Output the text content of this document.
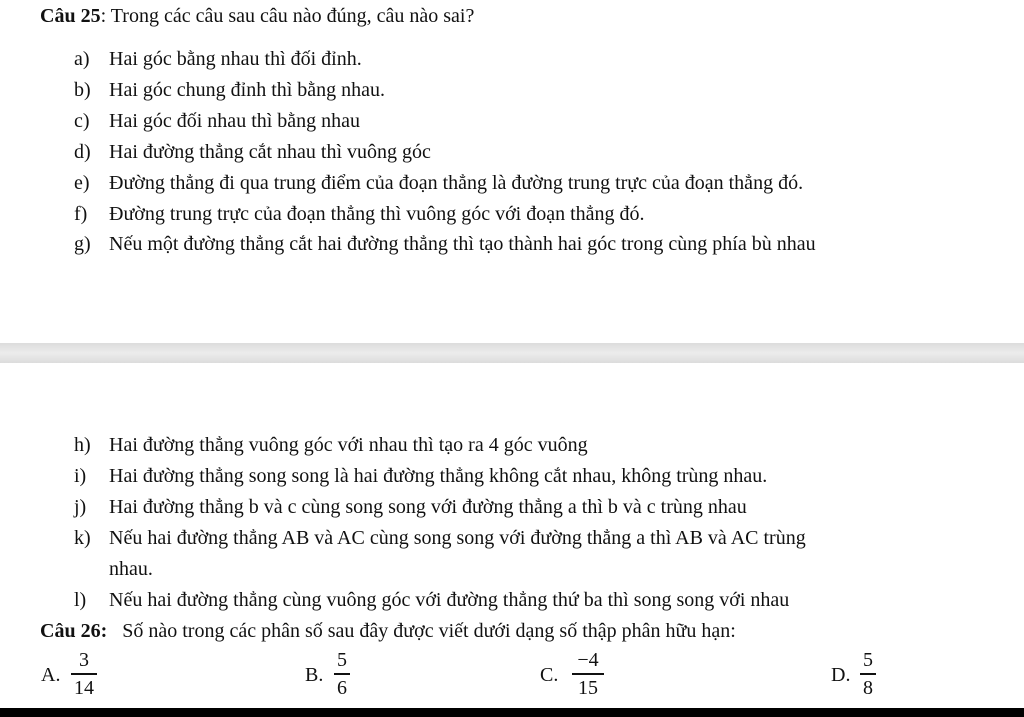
Câu 25: Trong các câu sau câu nào đúng, câu nào sai?
a) Hai góc bằng nhau thì đối đỉnh.
b) Hai góc chung đỉnh thì bằng nhau.
c) Hai góc đối nhau thì bằng nhau
d) Hai đường thẳng cắt nhau thì vuông góc
e) Đường thẳng đi qua trung điểm của đoạn thẳng là đường trung trực của đoạn thẳng đó.
f) Đường trung trực của đoạn thẳng thì vuông góc với đoạn thẳng đó.
g) Nếu một đường thẳng cắt hai đường thẳng thì tạo thành hai góc trong cùng phía bù nhau
h) Hai đường thẳng vuông góc với nhau thì tạo ra 4 góc vuông
i) Hai đường thẳng song song là hai đường thẳng không cắt nhau, không trùng nhau.
j) Hai đường thẳng b và c cùng song song với đường thẳng a thì b và c trùng nhau
k) Nếu hai đường thẳng AB và AC cùng song song với đường thẳng a thì AB và AC trùng
nhau.
l) Nếu hai đường thẳng cùng vuông góc với đường thẳng thứ ba thì song song với nhau
Câu 26: Số nào trong các phân số sau đây được viết dưới dạng số thập phân hữu hạn:
A.
3
14
B.
5
6
C.
−4
15
D.
5
8
